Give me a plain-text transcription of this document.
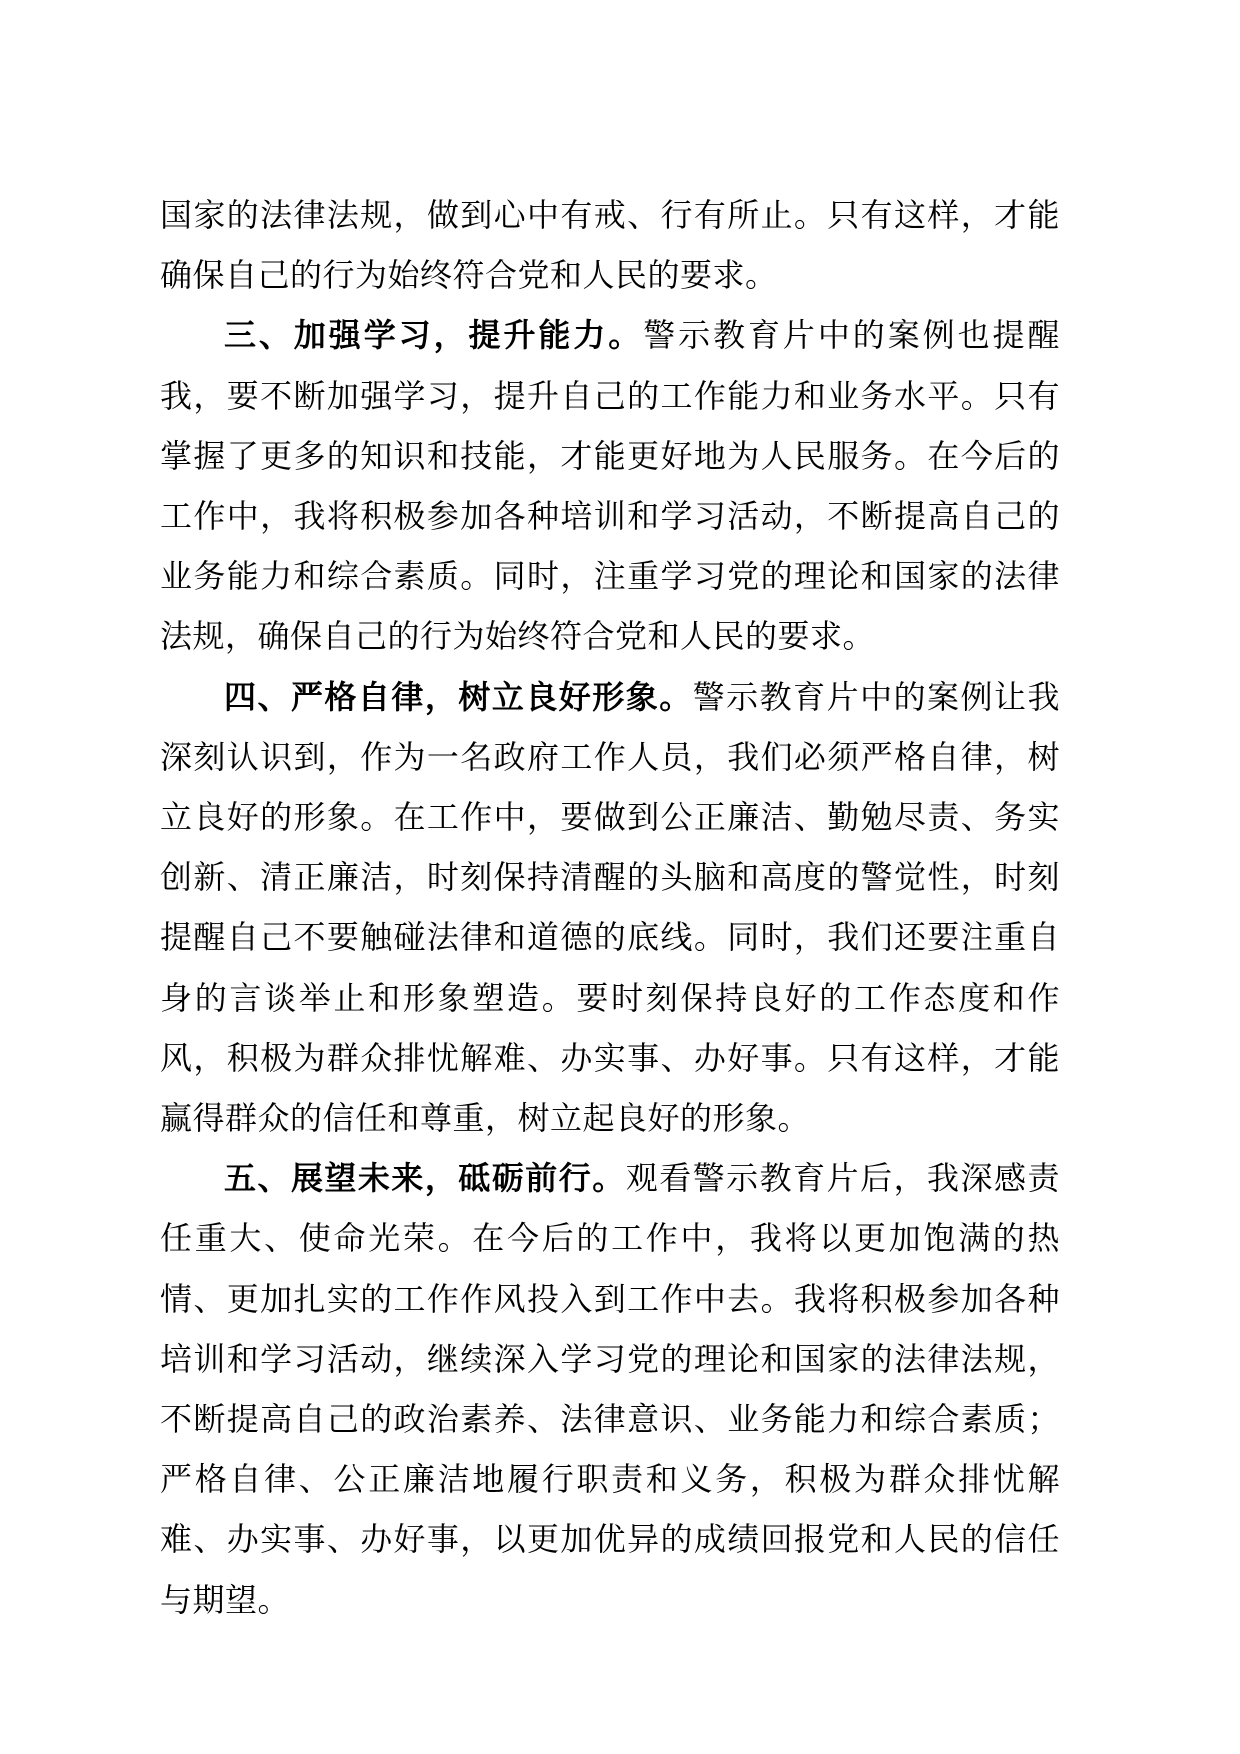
国家的法律法规，做到心中有戒、行有所止。只有这样，才能确保自己的行为始终符合党和人民的要求。

三、加强学习，提升能力。警示教育片中的案例也提醒我，要不断加强学习，提升自己的工作能力和业务水平。只有掌握了更多的知识和技能，才能更好地为人民服务。在今后的工作中，我将积极参加各种培训和学习活动，不断提高自己的业务能力和综合素质。同时，注重学习党的理论和国家的法律法规，确保自己的行为始终符合党和人民的要求。

四、严格自律，树立良好形象。警示教育片中的案例让我深刻认识到，作为一名政府工作人员，我们必须严格自律，树立良好的形象。在工作中，要做到公正廉洁、勤勉尽责、务实创新、清正廉洁，时刻保持清醒的头脑和高度的警觉性，时刻提醒自己不要触碰法律和道德的底线。同时，我们还要注重自身的言谈举止和形象塑造。要时刻保持良好的工作态度和作风，积极为群众排忧解难、办实事、办好事。只有这样，才能赢得群众的信任和尊重，树立起良好的形象。

五、展望未来，砥砺前行。观看警示教育片后，我深感责任重大、使命光荣。在今后的工作中，我将以更加饱满的热情、更加扎实的工作作风投入到工作中去。我将积极参加各种培训和学习活动，继续深入学习党的理论和国家的法律法规，不断提高自己的政治素养、法律意识、业务能力和综合素质；严格自律、公正廉洁地履行职责和义务，积极为群众排忧解难、办实事、办好事，以更加优异的成绩回报党和人民的信任与期望。
